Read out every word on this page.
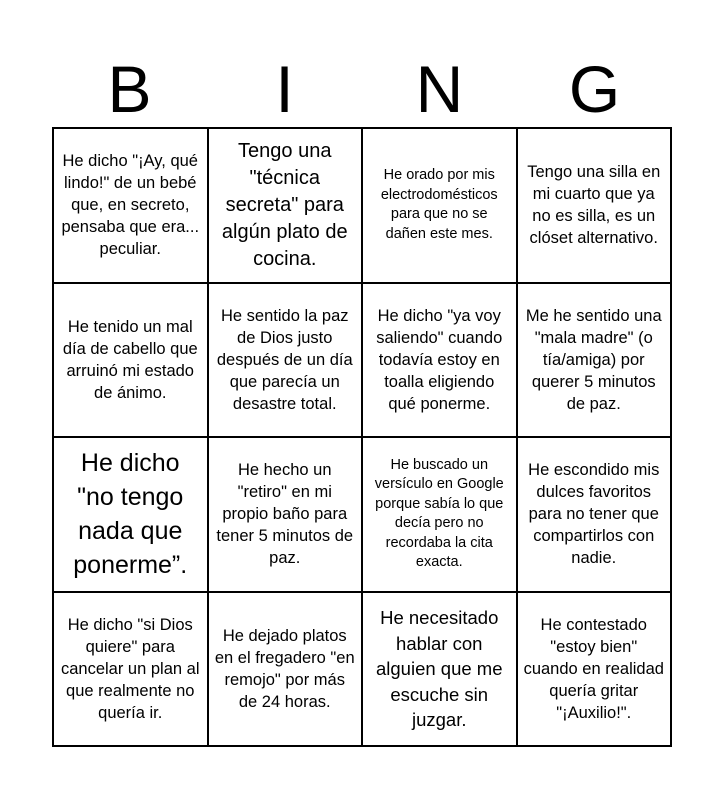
B	I	N	G
He dicho "¡Ay, qué lindo!" de un bebé que, en secreto, pensaba que era... peculiar.
Tengo una "técnica secreta" para algún plato de cocina.
He orado por mis electrodomésticos para que no se dañen este mes.
Tengo una silla en mi cuarto que ya no es silla, es un clóset alternativo.
He tenido un mal día de cabello que arruinó mi estado de ánimo.
He sentido la paz de Dios justo después de un día que parecía un desastre total.
He dicho "ya voy saliendo" cuando todavía estoy en toalla eligiendo qué ponerme.
Me he sentido una "mala madre" (o tía/amiga) por querer 5 minutos de paz.
He dicho "no tengo nada que ponerme”.
He hecho un "retiro" en mi propio baño para tener 5 minutos de paz.
He buscado un versículo en Google porque sabía lo que decía pero no recordaba la cita exacta.
He escondido mis dulces favoritos para no tener que compartirlos con nadie.
He dicho "si Dios quiere" para cancelar un plan al que realmente no quería ir.
He dejado platos en el fregadero "en remojo" por más de 24 horas.
He necesitado hablar con alguien que me escuche sin juzgar.
He contestado "estoy bien" cuando en realidad quería gritar "¡Auxilio!".
